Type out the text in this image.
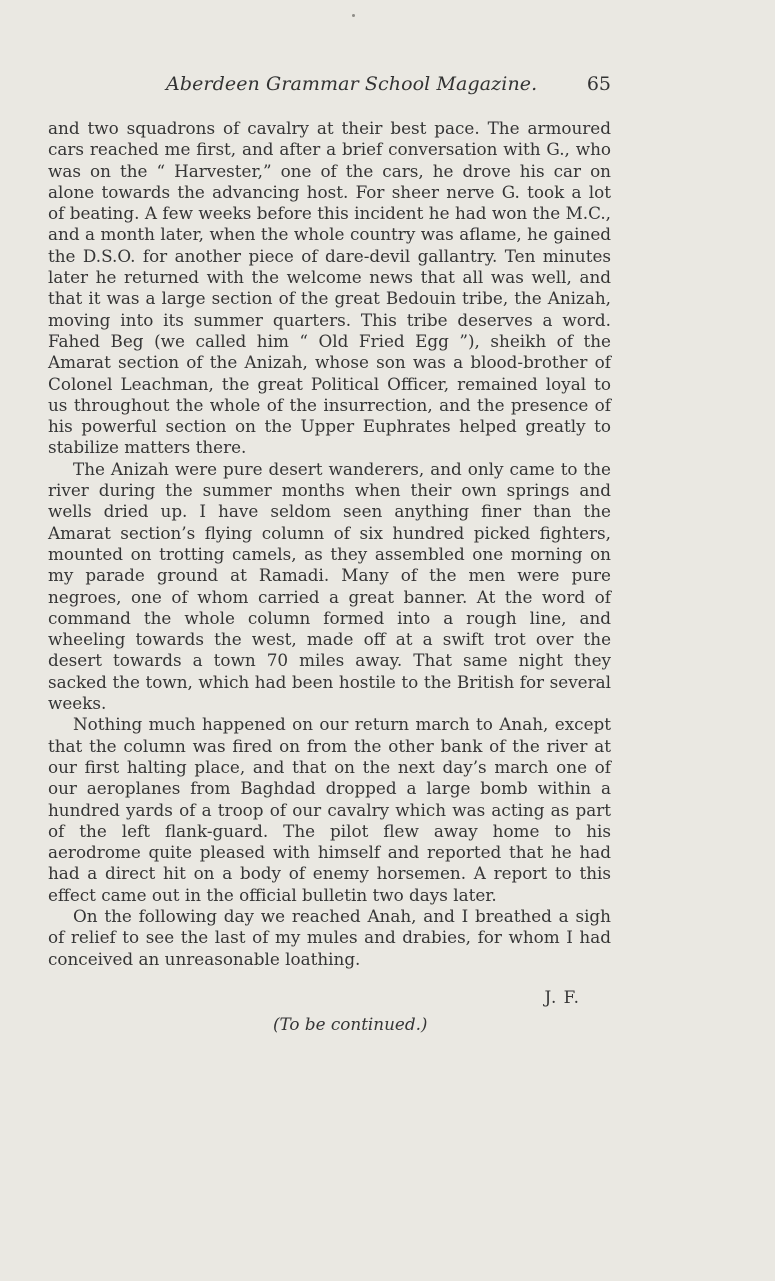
Aberdeen Grammar School Magazine.	65

and two squadrons of cavalry at their best pace. The armoured cars reached me first, and after a brief conversation with G., who was on the “ Harvester,” one of the cars, he drove his car on alone towards the advancing host. For sheer nerve G. took a lot of beating. A few weeks before this incident he had won the M.C., and a month later, when the whole country was aflame, he gained the D.S.O. for another piece of dare-devil gallantry. Ten minutes later he returned with the welcome news that all was well, and that it was a large section of the great Bedouin tribe, the Anizah, moving into its summer quarters. This tribe deserves a word. Fahed Beg (we called him “ Old Fried Egg ”), sheikh of the Amarat section of the Anizah, whose son was a blood-brother of Colonel Leachman, the great Political Officer, remained loyal to us throughout the whole of the insurrection, and the presence of his powerful section on the Upper Euphrates helped greatly to stabilize matters there.

The Anizah were pure desert wanderers, and only came to the river during the summer months when their own springs and wells dried up. I have seldom seen anything finer than the Amarat section’s flying column of six hundred picked fighters, mounted on trotting camels, as they assembled one morning on my parade ground at Ramadi. Many of the men were pure negroes, one of whom carried a great banner. At the word of command the whole column formed into a rough line, and wheeling towards the west, made off at a swift trot over the desert towards a town 70 miles away. That same night they sacked the town, which had been hostile to the British for several weeks.

Nothing much happened on our return march to Anah, except that the column was fired on from the other bank of the river at our first halting place, and that on the next day’s march one of our aeroplanes from Baghdad dropped a large bomb within a hundred yards of a troop of our cavalry which was acting as part of the left flank-guard. The pilot flew away home to his aerodrome quite pleased with himself and reported that he had had a direct hit on a body of enemy horsemen. A report to this effect came out in the official bulletin two days later.

On the following day we reached Anah, and I breathed a sigh of relief to see the last of my mules and drabies, for whom I had conceived an unreasonable loathing.

J. F.
(To be continued.)
